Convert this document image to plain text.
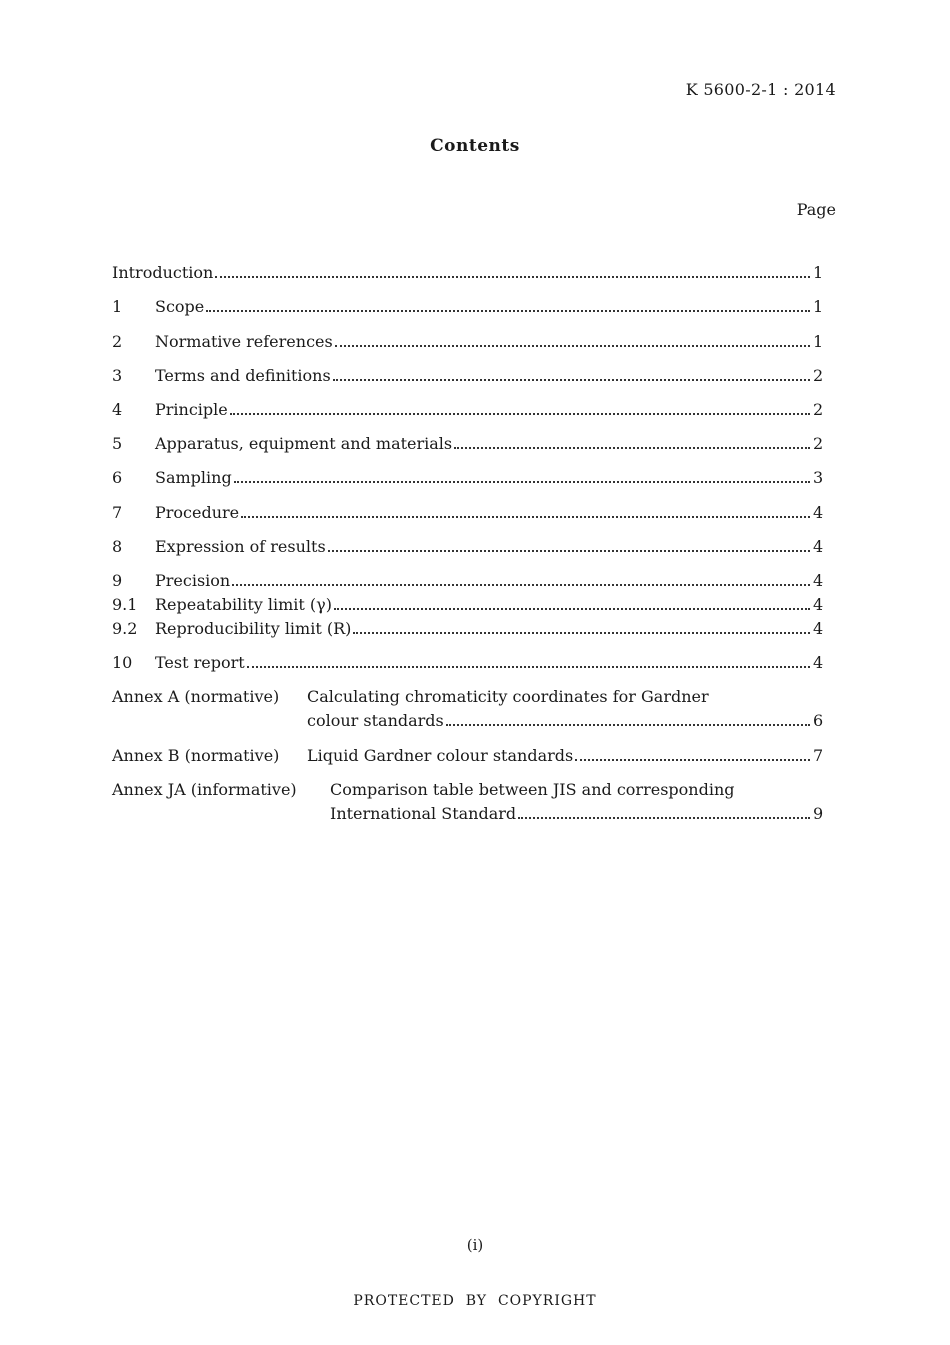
K 5600-2-1 : 2014
Contents
Page
Introduction	1
1	Scope	1
2	Normative references	1
3	Terms and definitions	2
4	Principle	2
5	Apparatus, equipment and materials	2
6	Sampling	3
7	Procedure	4
8	Expression of results	4
9	Precision	4
9.1	Repeatability limit (γ)	4
9.2	Reproducibility limit (R)	4
10	Test report	4
Annex A (normative) Calculating chromaticity coordinates for Gardner
colour standards	6
Annex B (normative)	Liquid Gardner colour standards	7
Annex JA (informative) Comparison table between JIS and corresponding
International Standard	9
(i)
PROTECTED  BY  COPYRIGHT
